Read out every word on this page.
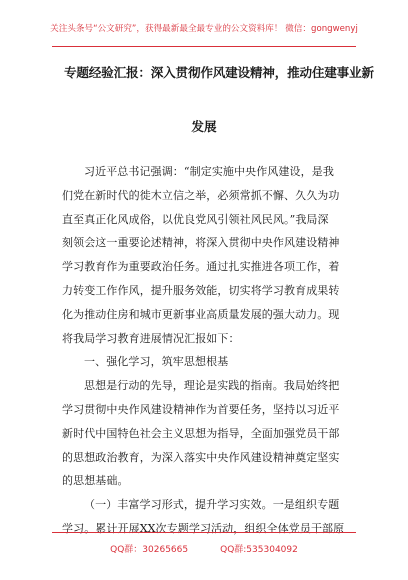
关注头条号“公文研究”，获得最新最全最专业的公文资料库！ 微信：gongwenyj
专题经验汇报：深入贯彻作风建设精神，推动住建事业新
发展
习近平总书记强调：“制定实施中央作风建设，是我
们党在新时代的徙木立信之举，必须常抓不懈、久久为功
直至真正化风成俗，以优良党风引领社风民风。”我局深
刻领会这一重要论述精神，将深入贯彻中央作风建设精神
学习教育作为重要政治任务。通过扎实推进各项工作，着
力转变工作作风，提升服务效能，切实将学习教育成果转
化为推动住房和城市更新事业高质量发展的强大动力。现
将我局学习教育进展情况汇报如下：
一、强化学习，筑牢思想根基
思想是行动的先导，理论是实践的指南。我局始终把
学习贯彻中央作风建设精神作为首要任务，坚持以习近平
新时代中国特色社会主义思想为指导，全面加强党员干部
的思想政治教育，为深入落实中央作风建设精神奠定坚实
的思想基础。
（一）丰富学习形式，提升学习实效。一是组织专题
学习。累计开展XX次专题学习活动，组织全体党员干部原
QQ群：30265665	QQ群:535304092
